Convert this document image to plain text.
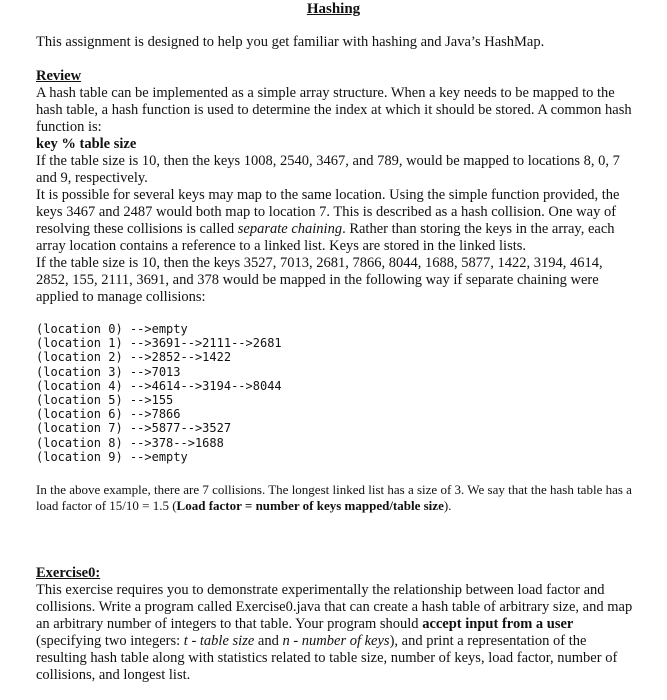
Hashing

This assignment is designed to help you get familiar with hashing and Java’s HashMap.

Review
A hash table can be implemented as a simple array structure. When a key needs to be mapped to the hash table, a hash function is used to determine the index at which it should be stored. A common hash function is:
key % table size
If the table size is 10, then the keys 1008, 2540, 3467, and 789, would be mapped to locations 8, 0, 7 and 9, respectively.
It is possible for several keys may map to the same location. Using the simple function provided, the keys 3467 and 2487 would both map to location 7. This is described as a hash collision. One way of resolving these collisions is called separate chaining. Rather than storing the keys in the array, each array location contains a reference to a linked list. Keys are stored in the linked lists.
If the table size is 10, then the keys 3527, 7013, 2681, 7866, 8044, 1688, 5877, 1422, 3194, 4614, 2852, 155, 2111, 3691, and 378 would be mapped in the following way if separate chaining were applied to manage collisions:
(location 0) -->empty
(location 1) -->3691-->2111-->2681
(location 2) -->2852-->1422
(location 3) -->7013
(location 4) -->4614-->3194-->8044
(location 5) -->155
(location 6) -->7866
(location 7) -->5877-->3527
(location 8) -->378-->1688
(location 9) -->empty

In the above example, there are 7 collisions. The longest linked list has a size of 3. We say that the hash table has a load factor of 15/10 = 1.5 (Load factor = number of keys mapped/table size).

Exercise0:
This exercise requires you to demonstrate experimentally the relationship between load factor and collisions. Write a program called Exercise0.java that can create a hash table of arbitrary size, and map an arbitrary number of integers to that table. Your program should accept input from a user (specifying two integers: t - table size and n - number of keys), and print a representation of the resulting hash table along with statistics related to table size, number of keys, load factor, number of collisions, and longest list.
